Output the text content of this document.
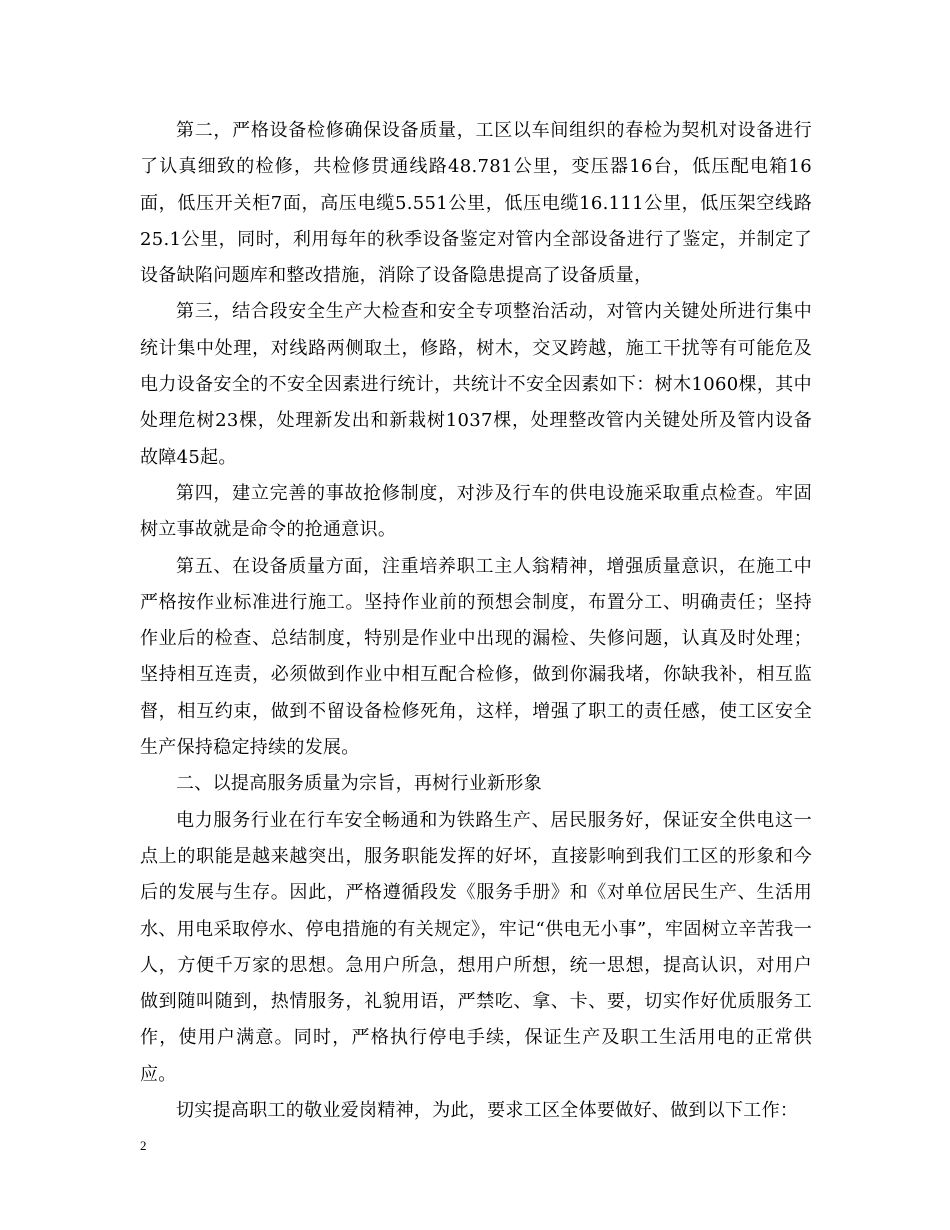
第二，严格设备检修确保设备质量，工区以车间组织的春检为契机对设备进行了认真细致的检修，共检修贯通线路48.781公里，变压器16台，低压配电箱16面，低压开关柜7面，高压电缆5.551公里，低压电缆16.111公里，低压架空线路25.1公里，同时，利用每年的秋季设备鉴定对管内全部设备进行了鉴定，并制定了设备缺陷问题库和整改措施，消除了设备隐患提高了设备质量，

第三，结合段安全生产大检查和安全专项整治活动，对管内关键处所进行集中统计集中处理，对线路两侧取土，修路，树木，交叉跨越，施工干扰等有可能危及电力设备安全的不安全因素进行统计，共统计不安全因素如下：树木1060棵，其中处理危树23棵，处理新发出和新栽树1037棵，处理整改管内关键处所及管内设备故障45起。

第四，建立完善的事故抢修制度，对涉及行车的供电设施采取重点检查。牢固树立事故就是命令的抢通意识。

第五、在设备质量方面，注重培养职工主人翁精神，增强质量意识，在施工中严格按作业标准进行施工。坚持作业前的预想会制度，布置分工、明确责任；坚持作业后的检查、总结制度，特别是作业中出现的漏检、失修问题，认真及时处理；坚持相互连责，必须做到作业中相互配合检修，做到你漏我堵，你缺我补，相互监督，相互约束，做到不留设备检修死角，这样，增强了职工的责任感，使工区安全生产保持稳定持续的发展。

二、以提高服务质量为宗旨，再树行业新形象

电力服务行业在行车安全畅通和为铁路生产、居民服务好，保证安全供电这一点上的职能是越来越突出，服务职能发挥的好坏，直接影响到我们工区的形象和今后的发展与生存。因此，严格遵循段发《服务手册》和《对单位居民生产、生活用水、用电采取停水、停电措施的有关规定》，牢记“供电无小事”，牢固树立辛苦我一人，方便千万家的思想。急用户所急，想用户所想，统一思想，提高认识，对用户做到随叫随到，热情服务，礼貌用语，严禁吃、拿、卡、要，切实作好优质服务工作，使用户满意。同时，严格执行停电手续，保证生产及职工生活用电的正常供应。

切实提高职工的敬业爱岗精神，为此，要求工区全体要做好、做到以下工作：

2
